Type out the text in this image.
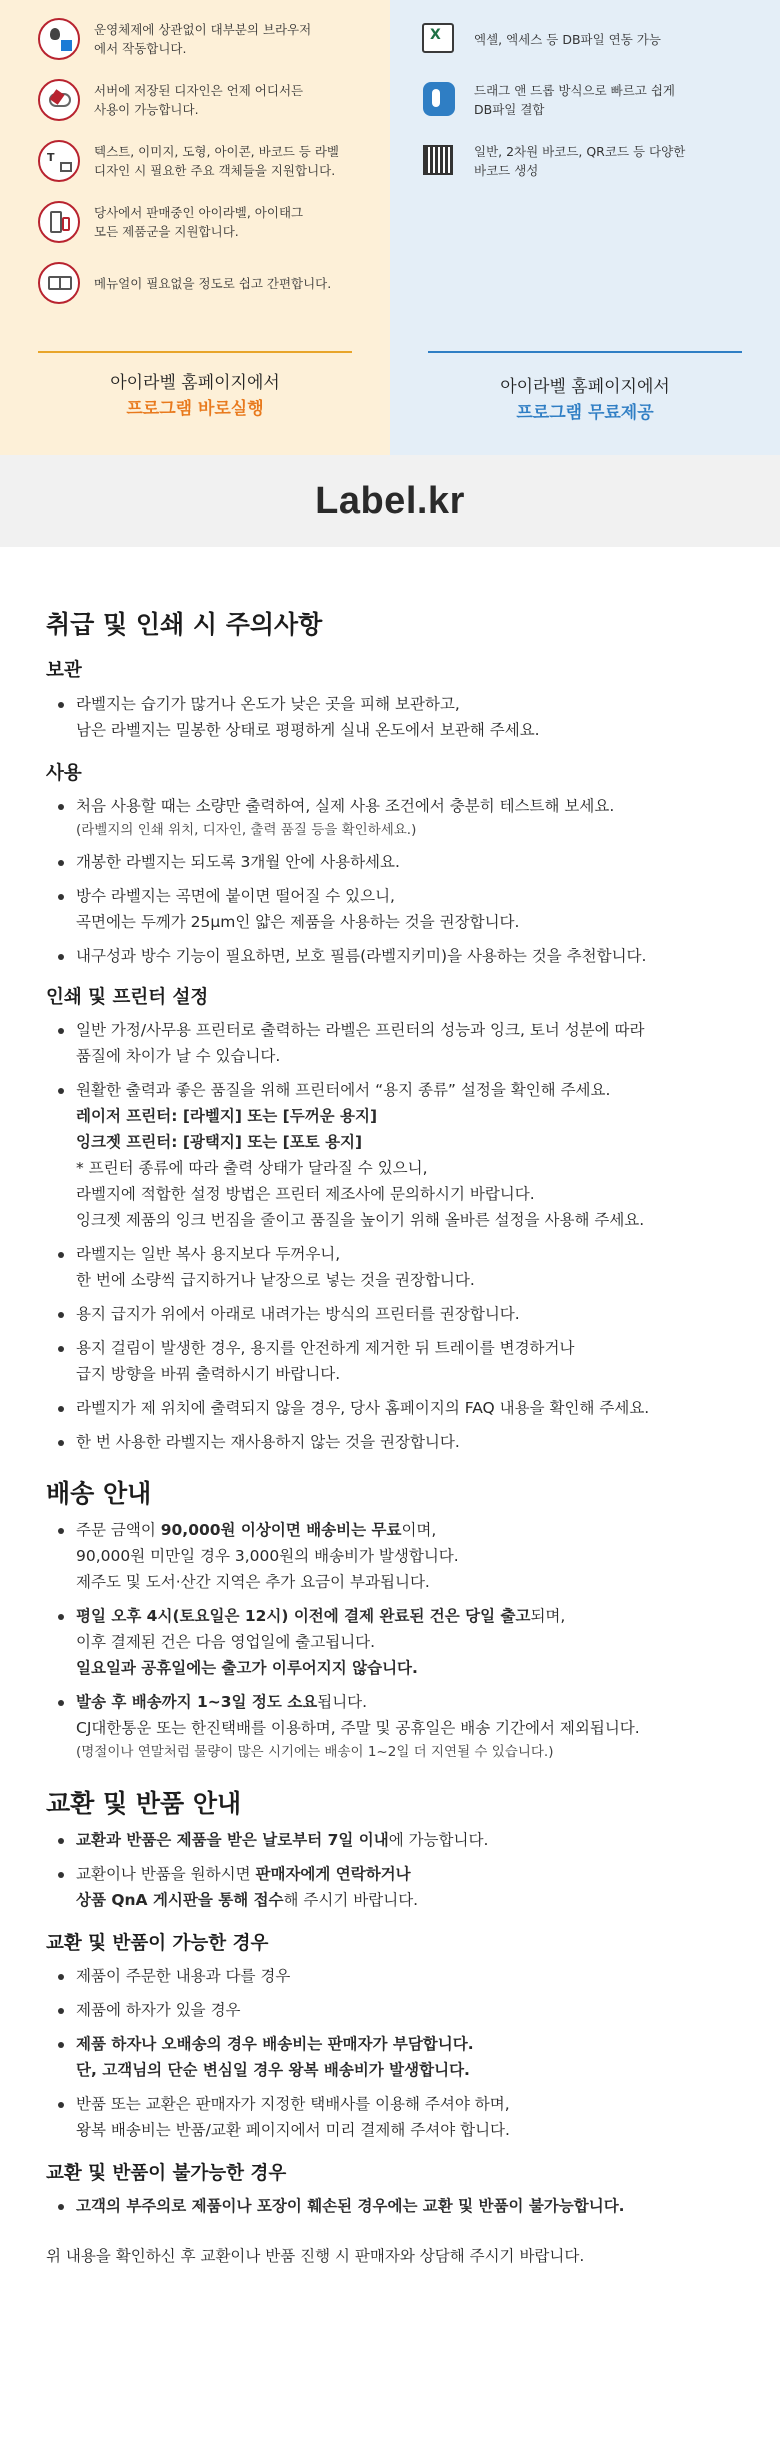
운영체제에 상관없이 대부분의 브라우저
에서 작동합니다.
서버에 저장된 디자인은 언제 어디서든
사용이 가능합니다.
T	텍스트, 이미지, 도형, 아이콘, 바코드 등 라벨
디자인 시 필요한 주요 객체들을 지원합니다.
당사에서 판매중인 아이라벨, 아이태그
모든 제품군을 지원합니다.
메뉴얼이 필요없을 정도로 쉽고 간편합니다.
아이라벨 홈페이지에서
프로그램 바로실행
X	엑셀, 엑세스 등 DB파일 연동 가능
드래그 앤 드롭 방식으로 빠르고 쉽게
DB파일 결합
일반, 2차원 바코드, QR코드 등 다양한
바코드 생성
아이라벨 홈페이지에서
프로그램 무료제공
Label.kr
취급 및 인쇄 시 주의사항
보관
라벨지는 습기가 많거나 온도가 낮은 곳을 피해 보관하고,
남은 라벨지는 밀봉한 상태로 평평하게 실내 온도에서 보관해 주세요.
사용
처음 사용할 때는 소량만 출력하여, 실제 사용 조건에서 충분히 테스트해 보세요.
(라벨지의 인쇄 위치, 디자인, 출력 품질 등을 확인하세요.)
개봉한 라벨지는 되도록 3개월 안에 사용하세요.
방수 라벨지는 곡면에 붙이면 떨어질 수 있으니,
곡면에는 두께가 25μm인 얇은 제품을 사용하는 것을 권장합니다.
내구성과 방수 기능이 필요하면, 보호 필름(라벨지키미)을 사용하는 것을 추천합니다.
인쇄 및 프린터 설정
일반 가정/사무용 프린터로 출력하는 라벨은 프린터의 성능과 잉크, 토너 성분에 따라
품질에 차이가 날 수 있습니다.
원활한 출력과 좋은 품질을 위해 프린터에서 “용지 종류” 설정을 확인해 주세요.
레이저 프린터: [라벨지] 또는 [두꺼운 용지]
잉크젯 프린터: [광택지] 또는 [포토 용지]
* 프린터 종류에 따라 출력 상태가 달라질 수 있으니,
라벨지에 적합한 설정 방법은 프린터 제조사에 문의하시기 바랍니다.
잉크젯 제품의 잉크 번짐을 줄이고 품질을 높이기 위해 올바른 설정을 사용해 주세요.
라벨지는 일반 복사 용지보다 두꺼우니,
한 번에 소량씩 급지하거나 낱장으로 넣는 것을 권장합니다.
용지 급지가 위에서 아래로 내려가는 방식의 프린터를 권장합니다.
용지 걸림이 발생한 경우, 용지를 안전하게 제거한 뒤 트레이를 변경하거나
급지 방향을 바꿔 출력하시기 바랍니다.
라벨지가 제 위치에 출력되지 않을 경우, 당사 홈페이지의 FAQ 내용을 확인해 주세요.
한 번 사용한 라벨지는 재사용하지 않는 것을 권장합니다.
배송 안내
주문 금액이 90,000원 이상이면 배송비는 무료이며,
90,000원 미만일 경우 3,000원의 배송비가 발생합니다.
제주도 및 도서·산간 지역은 추가 요금이 부과됩니다.
평일 오후 4시(토요일은 12시) 이전에 결제 완료된 건은 당일 출고되며,
이후 결제된 건은 다음 영업일에 출고됩니다.
일요일과 공휴일에는 출고가 이루어지지 않습니다.
발송 후 배송까지 1~3일 정도 소요됩니다.
CJ대한통운 또는 한진택배를 이용하며, 주말 및 공휴일은 배송 기간에서 제외됩니다.
(명절이나 연말처럼 물량이 많은 시기에는 배송이 1~2일 더 지연될 수 있습니다.)
교환 및 반품 안내
교환과 반품은 제품을 받은 날로부터 7일 이내에 가능합니다.
교환이나 반품을 원하시면 판매자에게 연락하거나
상품 QnA 게시판을 통해 접수해 주시기 바랍니다.
교환 및 반품이 가능한 경우
제품이 주문한 내용과 다를 경우
제품에 하자가 있을 경우
제품 하자나 오배송의 경우 배송비는 판매자가 부담합니다.
단, 고객님의 단순 변심일 경우 왕복 배송비가 발생합니다.
반품 또는 교환은 판매자가 지정한 택배사를 이용해 주셔야 하며,
왕복 배송비는 반품/교환 페이지에서 미리 결제해 주셔야 합니다.
교환 및 반품이 불가능한 경우
고객의 부주의로 제품이나 포장이 훼손된 경우에는 교환 및 반품이 불가능합니다.

위 내용을 확인하신 후 교환이나 반품 진행 시 판매자와 상담해 주시기 바랍니다.
